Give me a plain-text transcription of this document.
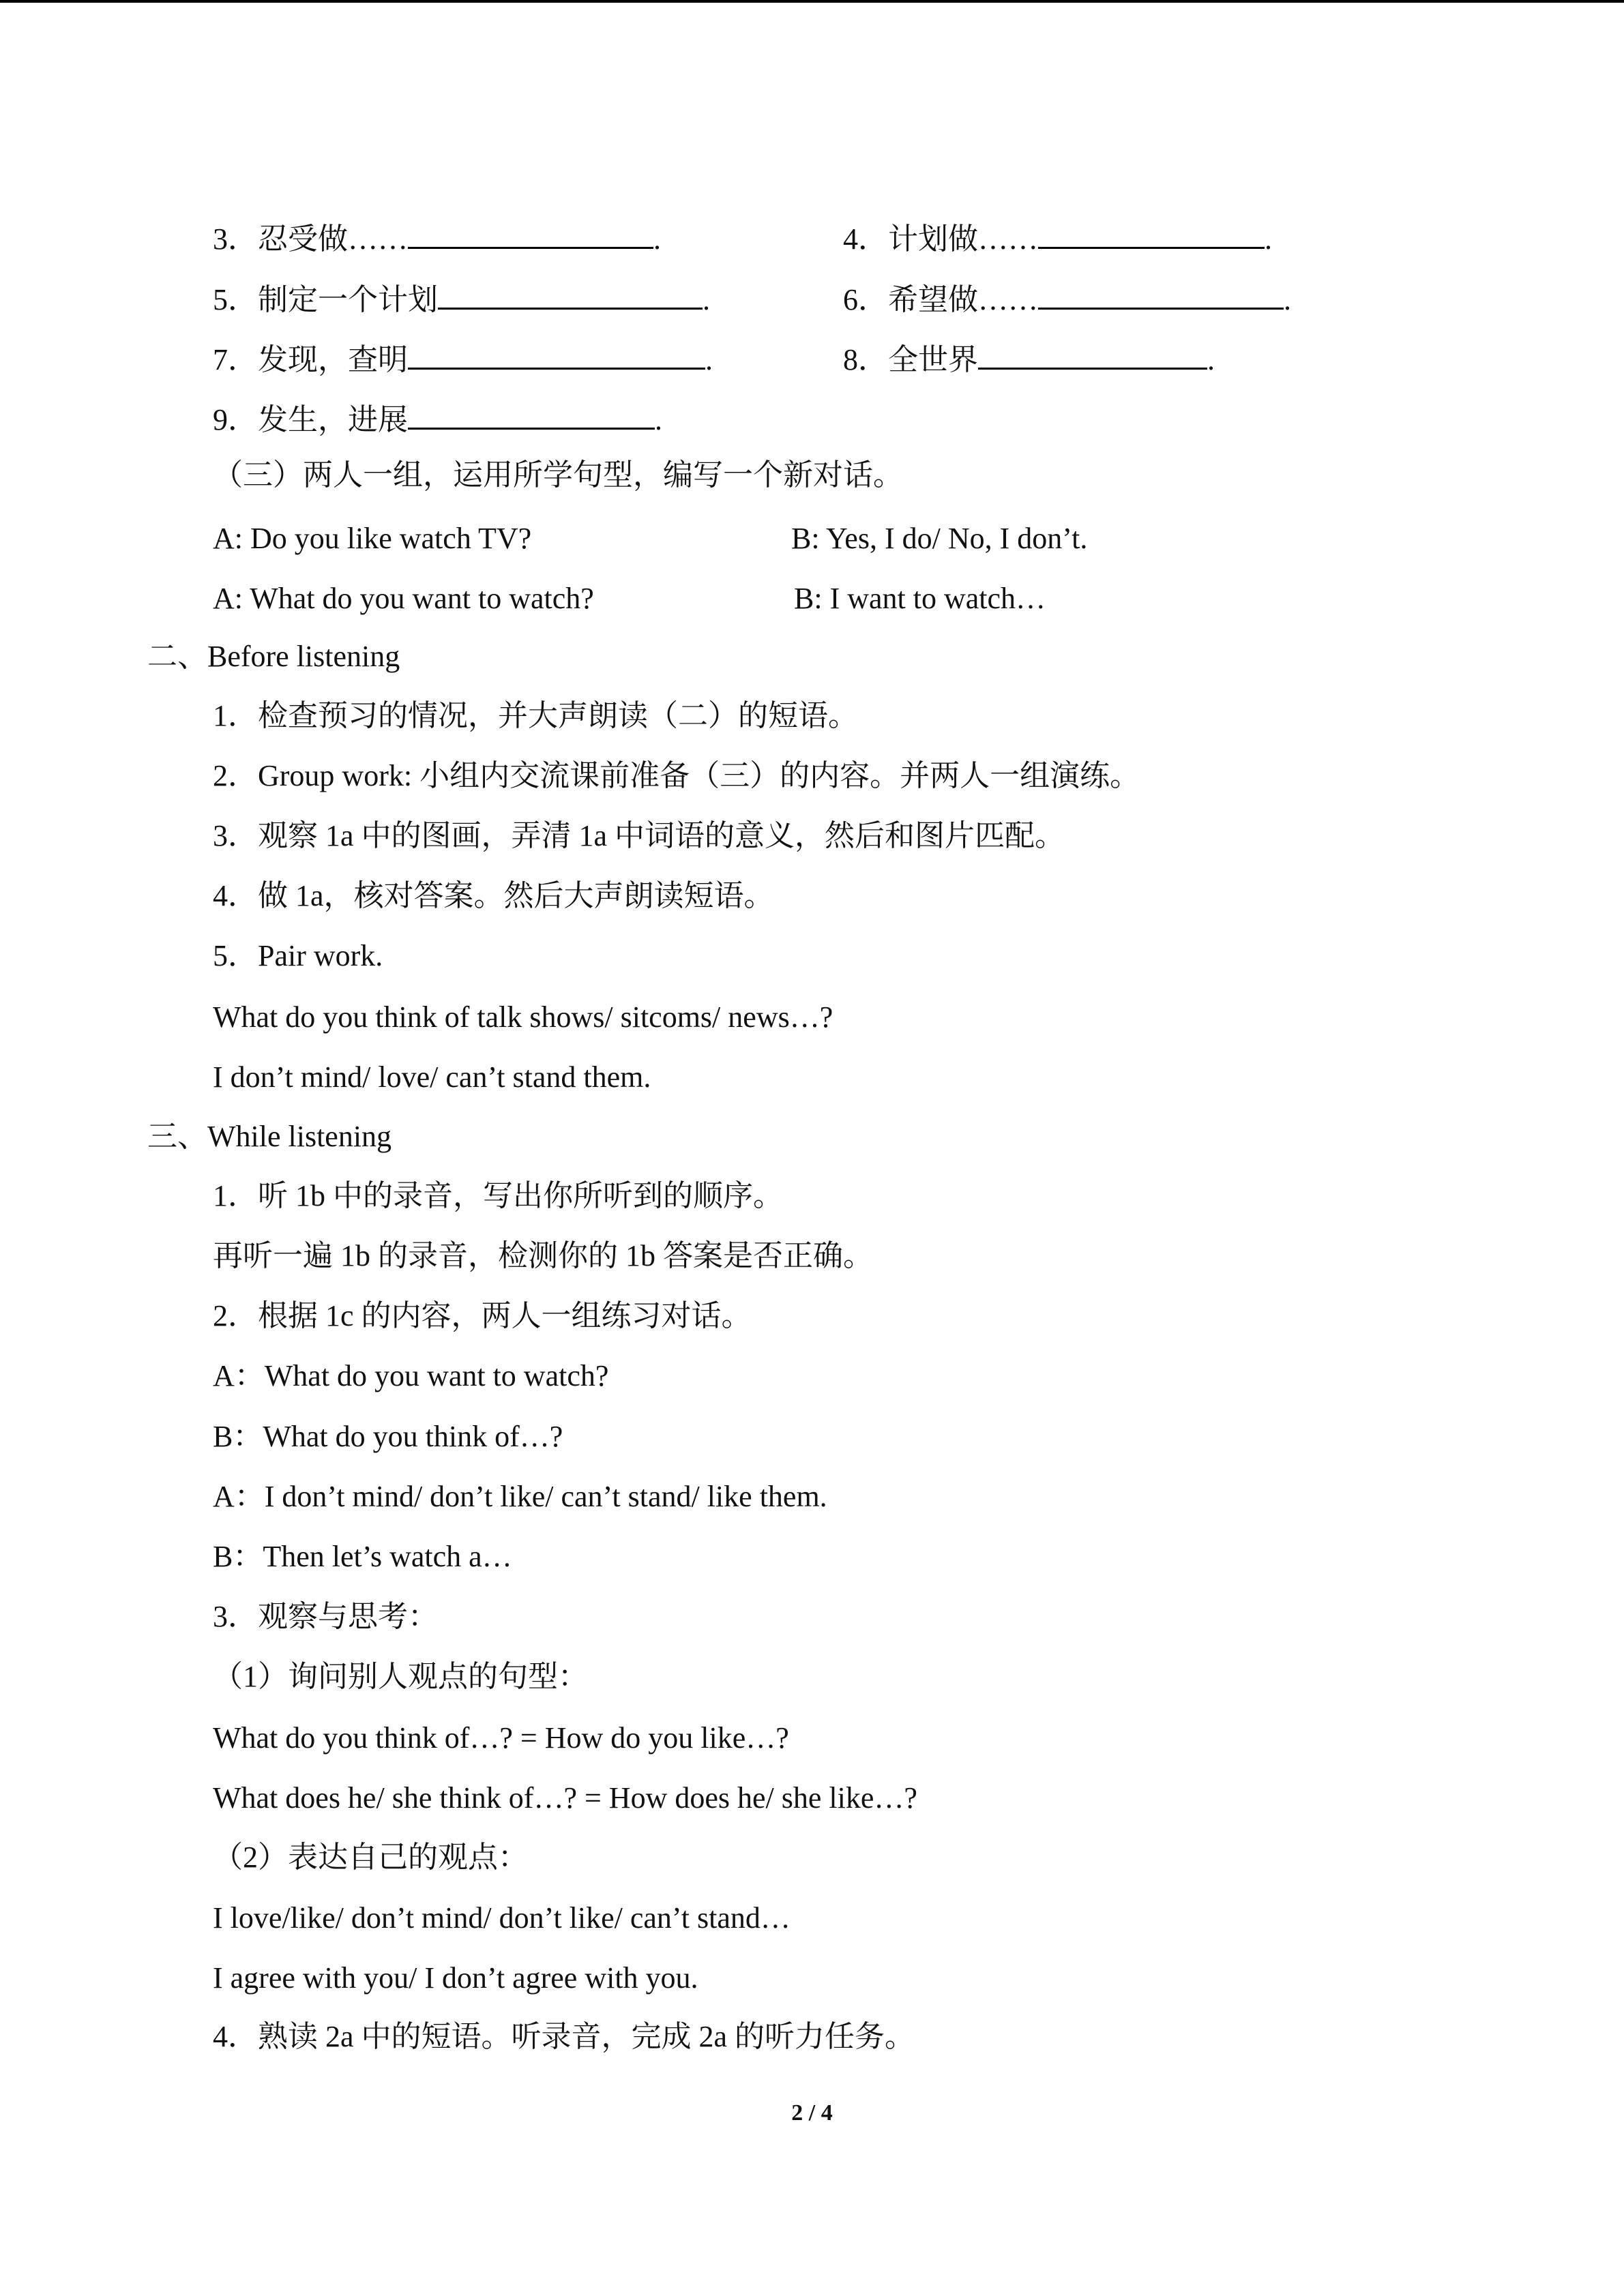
3．忍受做……	.	4．计划做……	.
5．制定一个计划	.	6．希望做……	.
7．发现，查明	.	8．全世界	.
9．发生，进展	.
（三）两人一组，运用所学句型，编写一个新对话。
A: Do you like watch TV?	B: Yes, I do/ No, I don’t.
A: What do you want to watch?	B: I want to watch…
二、Before listening
1．检查预习的情况，并大声朗读（二）的短语。
2．Group work: 小组内交流课前准备（三）的内容。并两人一组演练。
3．观察 1a 中的图画，弄清 1a 中词语的意义，然后和图片匹配。
4．做 1a，核对答案。然后大声朗读短语。
5．Pair work.
What do you think of talk shows/ sitcoms/ news…?
I don’t mind/ love/ can’t stand them.
三、While listening
1．听 1b 中的录音，写出你所听到的顺序。
再听一遍 1b 的录音，检测你的 1b 答案是否正确。
2．根据 1c 的内容，两人一组练习对话。
A：What do you want to watch?
B：What do you think of…?
A：I don’t mind/ don’t like/ can’t stand/ like them.
B：Then let’s watch a…
3．观察与思考：
（1）询问别人观点的句型：
What do you think of…? = How do you like…?
What does he/ she think of…? = How does he/ she like…?
（2）表达自己的观点：
I love/like/ don’t mind/ don’t like/ can’t stand…
I agree with you/ I don’t agree with you.
4．熟读 2a 中的短语。听录音，完成 2a 的听力任务。
2 / 4
